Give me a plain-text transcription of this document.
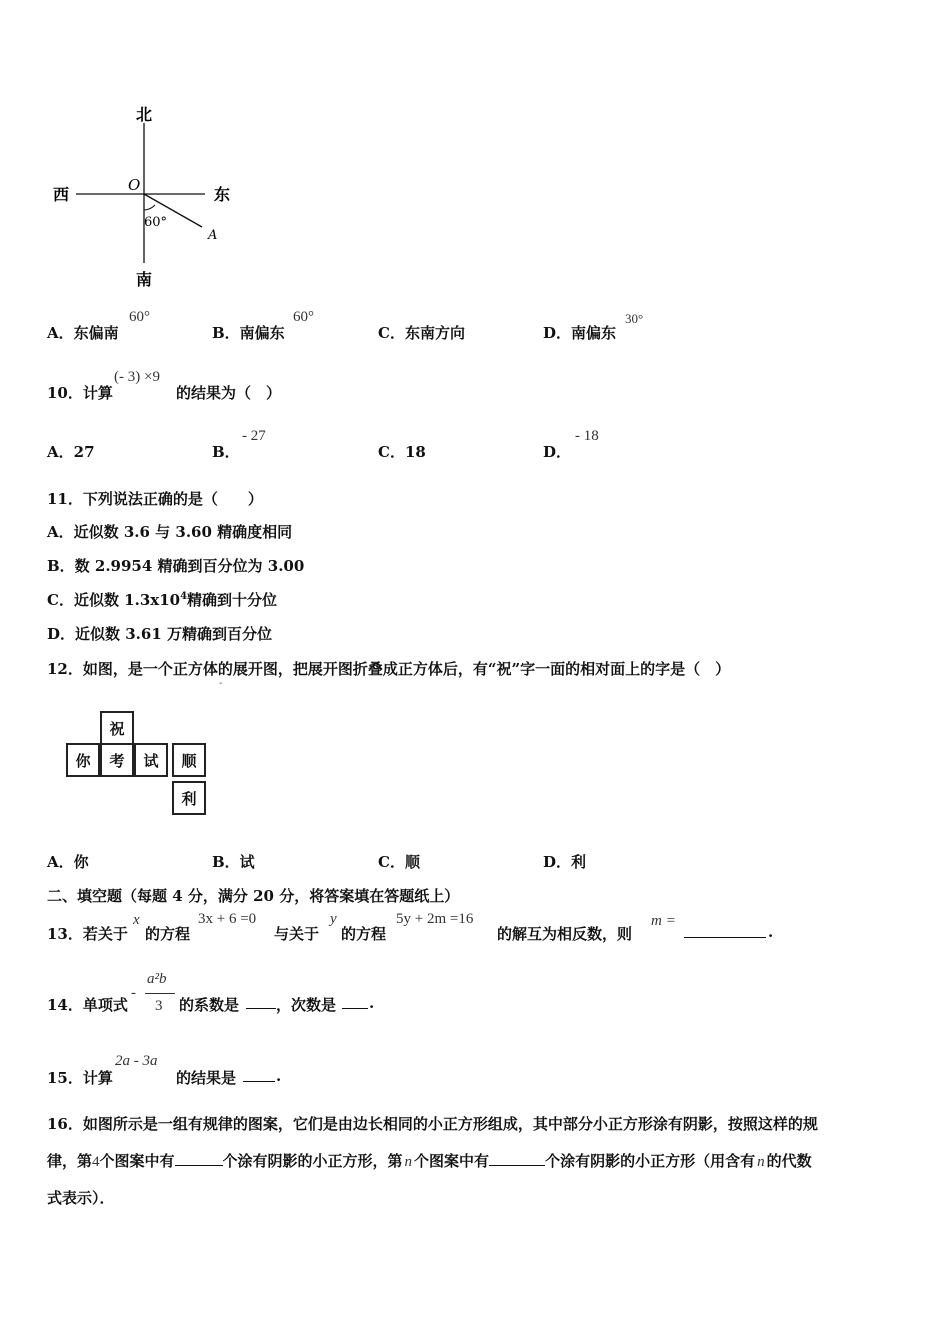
北
南
西	东
O
60°
A
A．东偏南
60°
B．南偏东
60°
C．东南方向	D．南偏东
30°
10．计算
(- 3) ×9
的结果为（　）
A．27	B．
- 27
C．18	D．
- 18
11．下列说法正确的是（　　）
A．近似数 3.6 与 3.60 精确度相同
B．数 2.9954 精确到百分位为 3.00
C．近似数 $1.3x10^4$精确到十分位
D．近似数 3.61 万精确到百分位
12．如图，是一个正方体的展开图，把展开图折叠成正方体后，有“祝”字一面的相对面上的字是（　）
-
祝
你	考	试	顺
利
A．你	B．试	C．顺	D．利
二、填空题（每题 4 分，满分 20 分，将答案填在答题纸上）
13．若关于
x
的方程
3x + 6 =0
与关于
y
的方程
5y + 2m =16
的解互为相反数，则
m =
.
14．单项式
-
a²b
3 的系数是 ，次数是 .
15．计算
2a - 3a
的结果是	.
16．如图所示是一组有规律的图案，它们是由边长相同的小正方形组成，其中部分小正方形涂有阴影，按照这样的规
律，第4个图案中有	个涂有阴影的小正方形，第 n 个图案中有	个涂有阴影的小正方形（用含有 n 的代数
式表示）．
